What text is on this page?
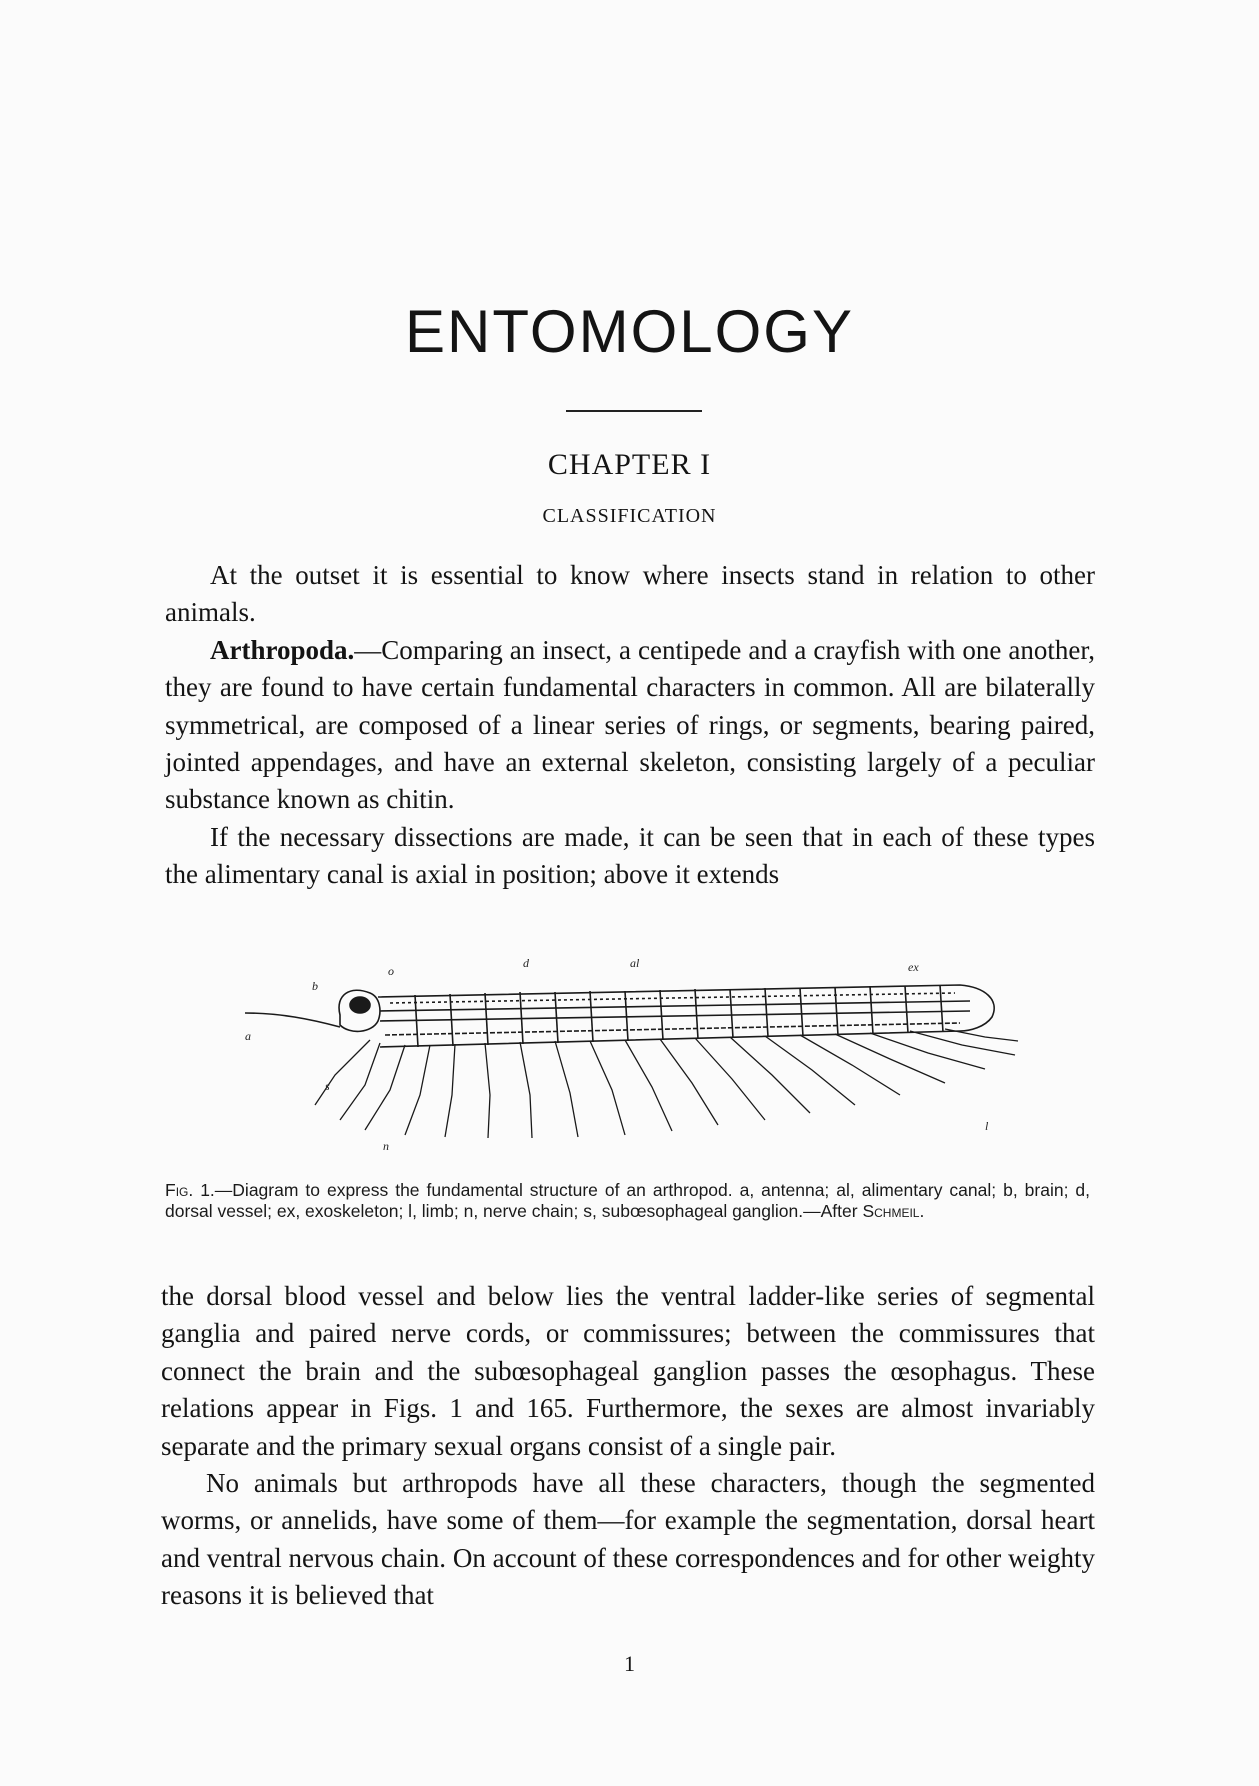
ENTOMOLOGY
CHAPTER I
CLASSIFICATION

At the outset it is essential to know where insects stand in relation to other animals.

Arthropoda.—Comparing an insect, a centipede and a crayfish with one another, they are found to have certain fundamental characters in common. All are bilaterally symmetrical, are composed of a linear series of rings, or segments, bearing paired, jointed appendages, and have an external skeleton, consisting largely of a peculiar substance known as chitin.

If the necessary dissections are made, it can be seen that in each of these types the alimentary canal is axial in position; above it extends

a
b
o
d	al	ex
s
n
l
Fig. 1.—Diagram to express the fundamental structure of an arthropod. a, antenna; al, alimentary canal; b, brain; d, dorsal vessel; ex, exoskeleton; l, limb; n, nerve chain; s, subœsophageal ganglion.—After Schmeil.

the dorsal blood vessel and below lies the ventral ladder-like series of segmental ganglia and paired nerve cords, or commissures; between the commissures that connect the brain and the subœsophageal ganglion passes the œsophagus. These relations appear in Figs. 1 and 165. Furthermore, the sexes are almost invariably separate and the primary sexual organs consist of a single pair.

No animals but arthropods have all these characters, though the segmented worms, or annelids, have some of them—for example the segmentation, dorsal heart and ventral nervous chain. On account of these correspondences and for other weighty reasons it is believed that

1
